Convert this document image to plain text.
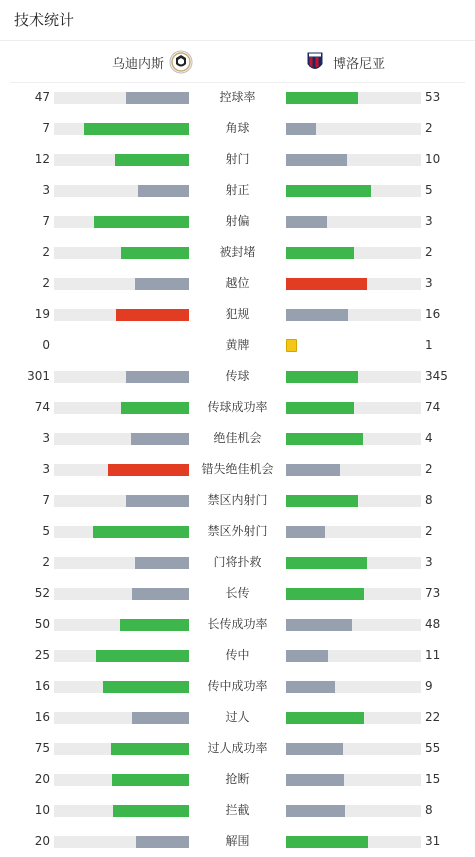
技术统计
乌迪内斯	博洛尼亚
47	控球率	53
7	角球	2
12	射门	10
3	射正	5
7	射偏	3
2	被封堵	2
2	越位	3
19	犯规	16
0	黄牌	1
301	传球	345
74	传球成功率	74
3	绝佳机会	4
3	错失绝佳机会	2
7	禁区内射门	8
5	禁区外射门	2
2	门将扑救	3
52	长传	73
50	长传成功率	48
25	传中	11
16	传中成功率	9
16	过人	22
75	过人成功率	55
20	抢断	15
10	拦截	8
20	解围	31
